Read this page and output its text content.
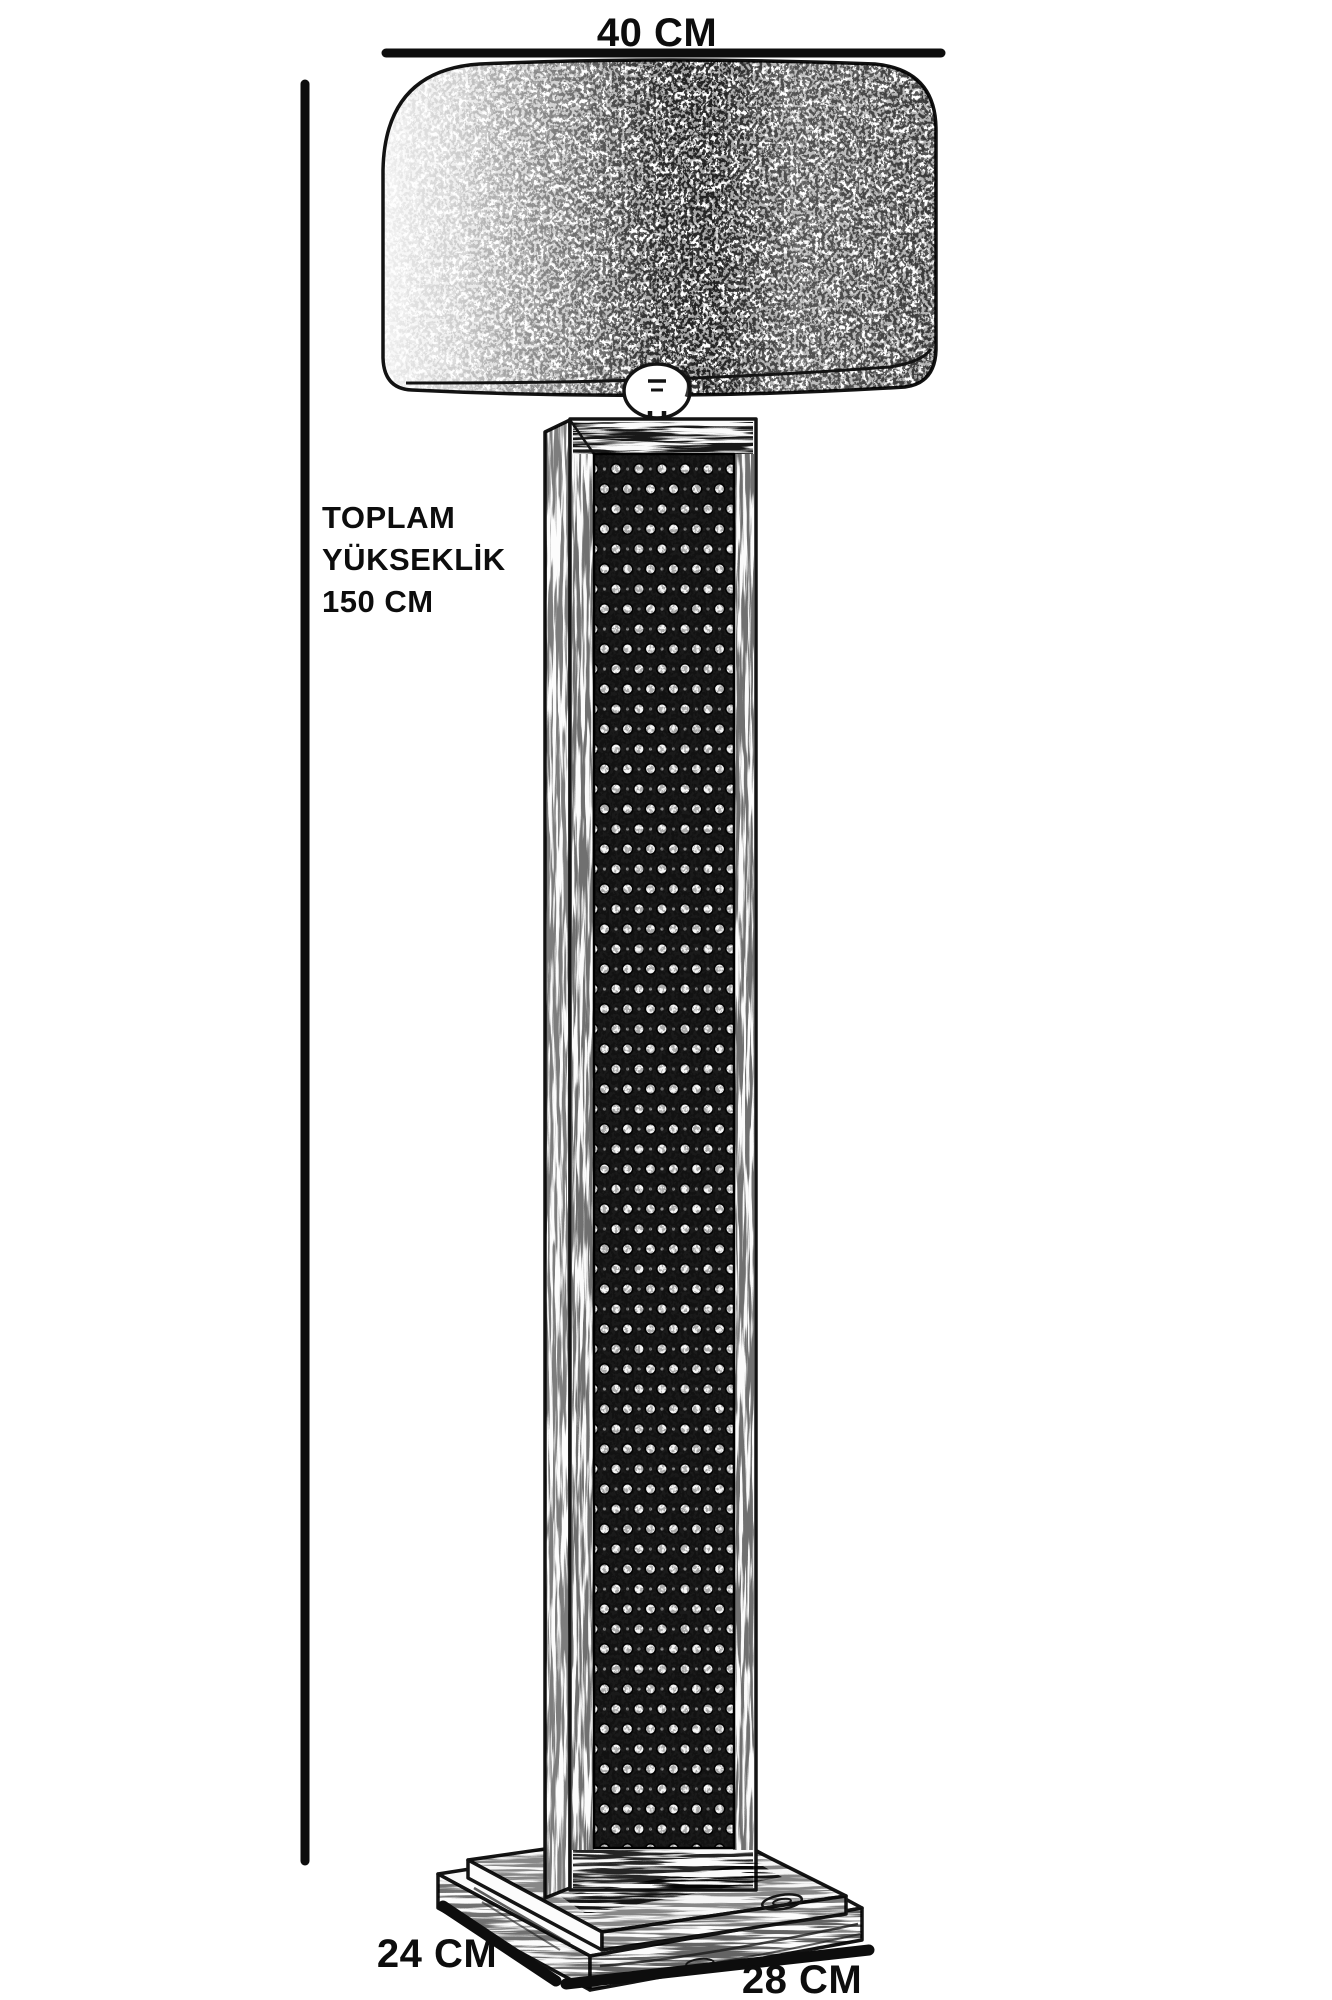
40 CM
TOPLAM
YÜKSEKLİK
150 CM
24 CM
28 CM
